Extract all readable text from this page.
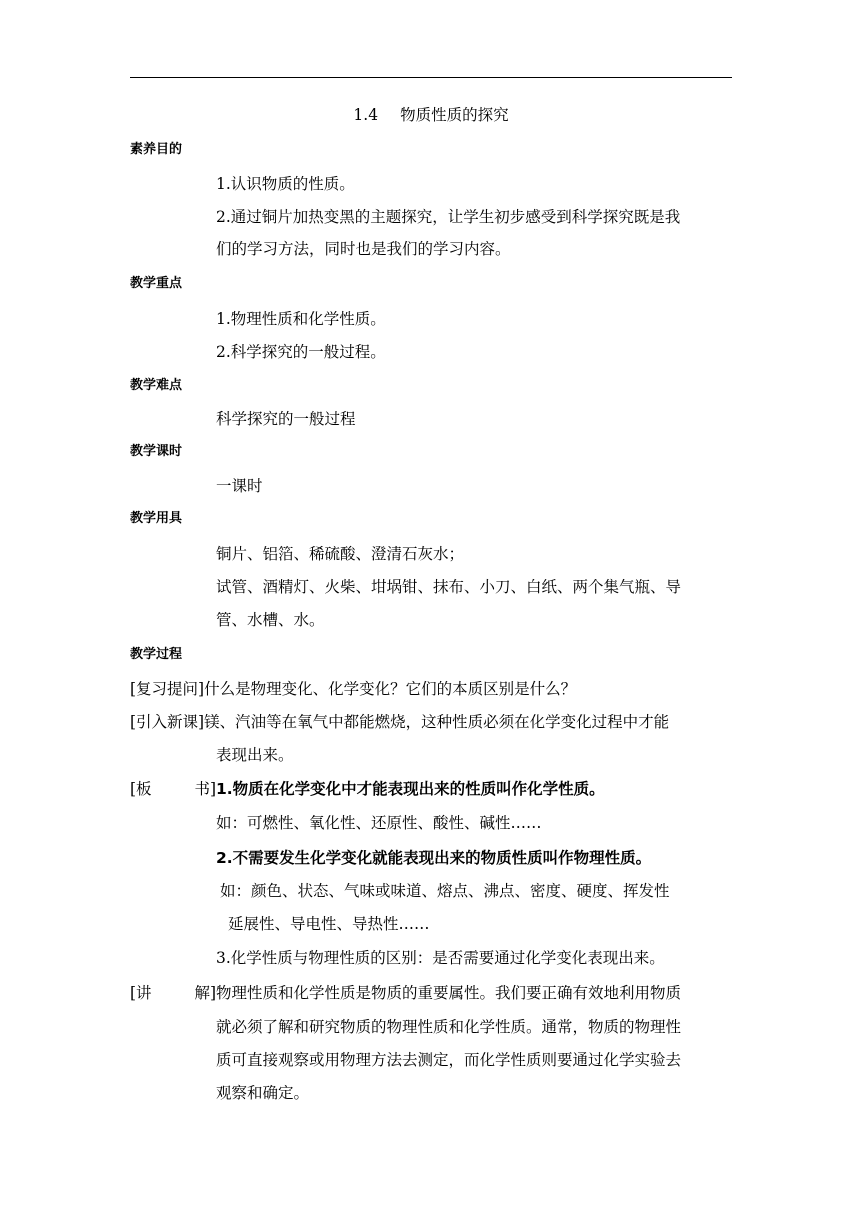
1.4 物质性质的探究
素养目的
1.认识物质的性质。
2.通过铜片加热变黑的主题探究，让学生初步感受到科学探究既是我
们的学习方法，同时也是我们的学习内容。
教学重点
1.物理性质和化学性质。
2.科学探究的一般过程。
教学难点
科学探究的一般过程
教学课时
一课时
教学用具
铜片、铝箔、稀硫酸、澄清石灰水；
试管、酒精灯、火柴、坩埚钳、抹布、小刀、白纸、两个集气瓶、导
管、水槽、水。
教学过程
[复习提问]什么是物理变化、化学变化？它们的本质区别是什么？
[引入新课]镁、汽油等在氧气中都能燃烧，这种性质必须在化学变化过程中才能
表现出来。
[板	书] 1.物质在化学变化中才能表现出来的性质叫作化学性质。
如：可燃性、氧化性、还原性、酸性、碱性……
2.不需要发生化学变化就能表现出来的物质性质叫作物理性质。
如：颜色、状态、气味或味道、熔点、沸点、密度、硬度、挥发性
延展性、导电性、导热性……
3.化学性质与物理性质的区别：是否需要通过化学变化表现出来。
[讲	解] 物理性质和化学性质是物质的重要属性。我们要正确有效地利用物质
就必须了解和研究物质的物理性质和化学性质。通常，物质的物理性
质可直接观察或用物理方法去测定，而化学性质则要通过化学实验去
观察和确定。
